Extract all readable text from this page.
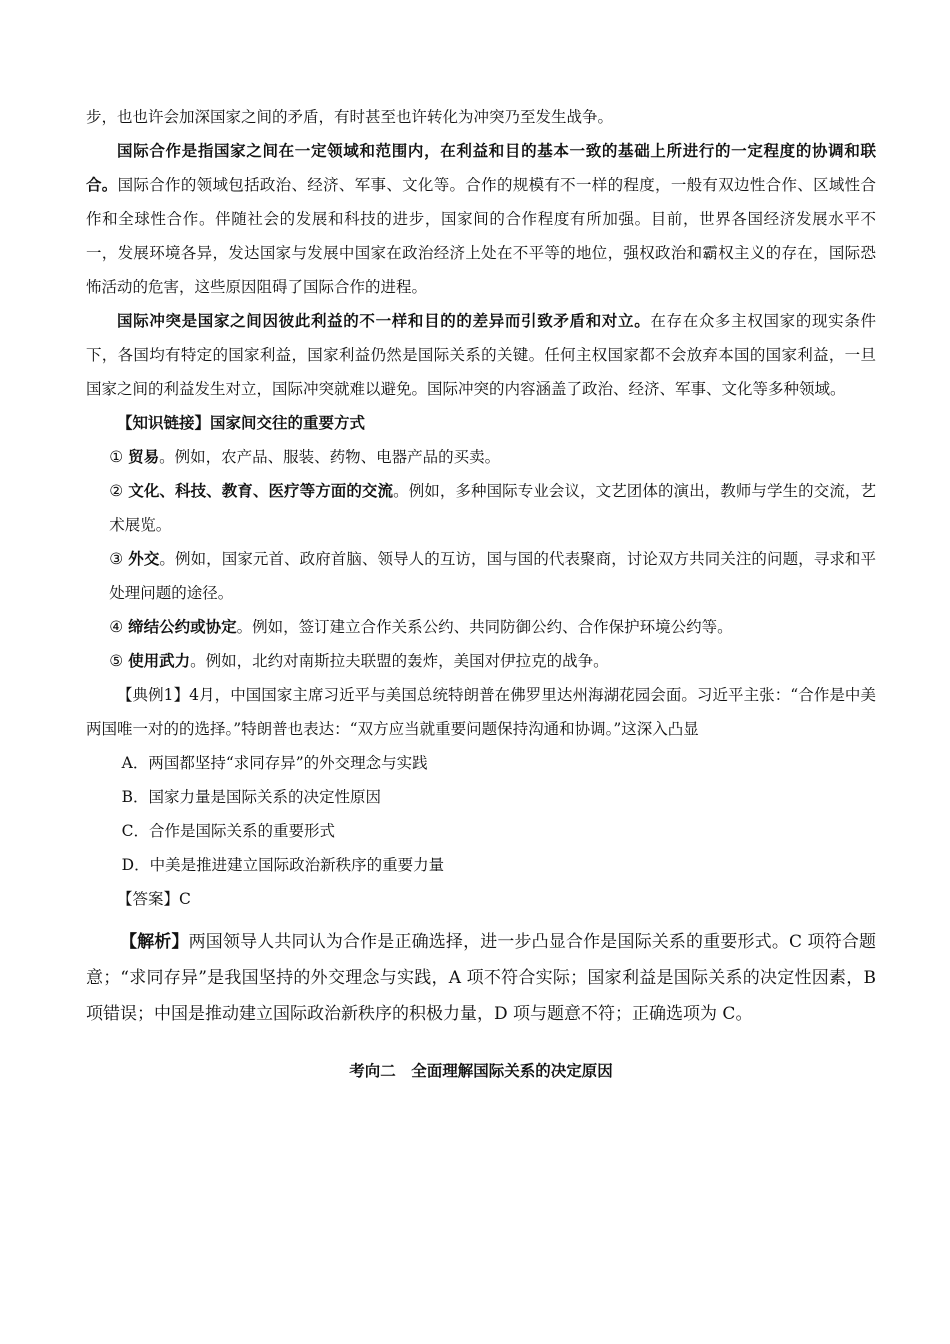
步，也也许会加深国家之间的矛盾，有时甚至也许转化为冲突乃至发生战争。

国际合作是指国家之间在一定领域和范围内，在利益和目的基本一致的基础上所进行的一定程度的协调和联合。国际合作的领域包括政治、经济、军事、文化等。合作的规模有不一样的程度，一般有双边性合作、区域性合作和全球性合作。伴随社会的发展和科技的进步，国家间的合作程度有所加强。目前，世界各国经济发展水平不一，发展环境各异，发达国家与发展中国家在政治经济上处在不平等的地位，强权政治和霸权主义的存在，国际恐怖活动的危害，这些原因阻碍了国际合作的进程。

国际冲突是国家之间因彼此利益的不一样和目的的差异而引致矛盾和对立。在存在众多主权国家的现实条件下，各国均有特定的国家利益，国家利益仍然是国际关系的关键。任何主权国家都不会放弃本国的国家利益，一旦国家之间的利益发生对立，国际冲突就难以避免。国际冲突的内容涵盖了政治、经济、军事、文化等多种领域。

【知识链接】国家间交往的重要方式

① 贸易。例如，农产品、服装、药物、电器产品的买卖。

② 文化、科技、教育、医疗等方面的交流。例如，多种国际专业会议，文艺团体的演出，教师与学生的交流，艺术展览。

③ 外交。例如，国家元首、政府首脑、领导人的互访，国与国的代表聚商，讨论双方共同关注的问题，寻求和平处理问题的途径。

④ 缔结公约或协定。例如，签订建立合作关系公约、共同防御公约、合作保护环境公约等。

⑤ 使用武力。例如，北约对南斯拉夫联盟的轰炸，美国对伊拉克的战争。

【典例1】4月，中国国家主席习近平与美国总统特朗普在佛罗里达州海湖花园会面。习近平主张：“合作是中美两国唯一对的的选择。”特朗普也表达：“双方应当就重要问题保持沟通和协调。”这深入凸显

A．两国都坚持“求同存异”的外交理念与实践

B．国家力量是国际关系的决定性原因

C．合作是国际关系的重要形式

D．中美是推进建立国际政治新秩序的重要力量

【答案】C

【解析】两国领导人共同认为合作是正确选择，进一步凸显合作是国际关系的重要形式。C 项符合题意；“求同存异”是我国坚持的外交理念与实践，A 项不符合实际；国家利益是国际关系的决定性因素，B 项错误；中国是推动建立国际政治新秩序的积极力量，D 项与题意不符；正确选项为 C。

考向二　全面理解国际关系的决定原因
